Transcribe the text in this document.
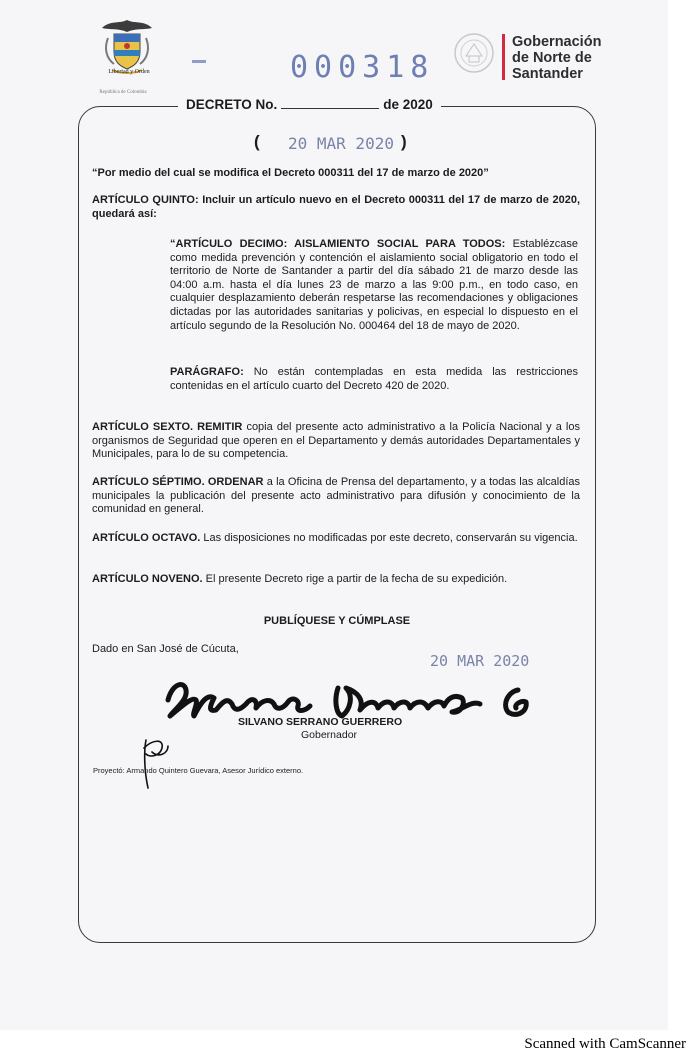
Libertad y Orden
República de Colombia
000318
Gobernación
de Norte de
Santander
DECRETO No.	de 2020
( 20 MAR 2020 )

“Por medio del cual se modifica el Decreto 000311 del 17 de marzo de 2020”

ARTÍCULO QUINTO: Incluir un artículo nuevo en el Decreto 000311 del 17 de marzo de 2020, quedará así:

“ARTÍCULO DECIMO: AISLAMIENTO SOCIAL PARA TODOS: Establézcase como medida prevención y contención el aislamiento social obligatorio en todo el territorio de Norte de Santander a partir del día sábado 21 de marzo desde las 04:00 a.m. hasta el día lunes 23 de marzo a las 9:00 p.m., en todo caso, en cualquier desplazamiento deberán respetarse las recomendaciones y obligaciones dictadas por las autoridades sanitarias y policivas, en especial lo dispuesto en el artículo segundo de la Resolución No. 000464 del 18 de mayo de 2020.

PARÁGRAFO: No están contempladas en esta medida las restricciones contenidas en el artículo cuarto del Decreto 420 de 2020.

ARTÍCULO SEXTO. REMITIR copia del presente acto administrativo a la Policía Nacional y a los organismos de Seguridad que operen en el Departamento y demás autoridades Departamentales y Municipales, para lo de su competencia.

ARTÍCULO SÉPTIMO. ORDENAR a la Oficina de Prensa del departamento, y a todas las alcaldías municipales la publicación del presente acto administrativo para difusión y conocimiento de la comunidad en general.

ARTÍCULO OCTAVO. Las disposiciones no modificadas por este decreto, conservarán su vigencia.

ARTÍCULO NOVENO. El presente Decreto rige a partir de la fecha de su expedición.

PUBLÍQUESE Y CÚMPLASE
Dado en San José de Cúcuta,
20 MAR 2020
SILVANO SERRANO GUERRERO
Gobernador
Proyectó: Armando Quintero Guevara, Asesor Jurídico externo.
Scanned with CamScanner
